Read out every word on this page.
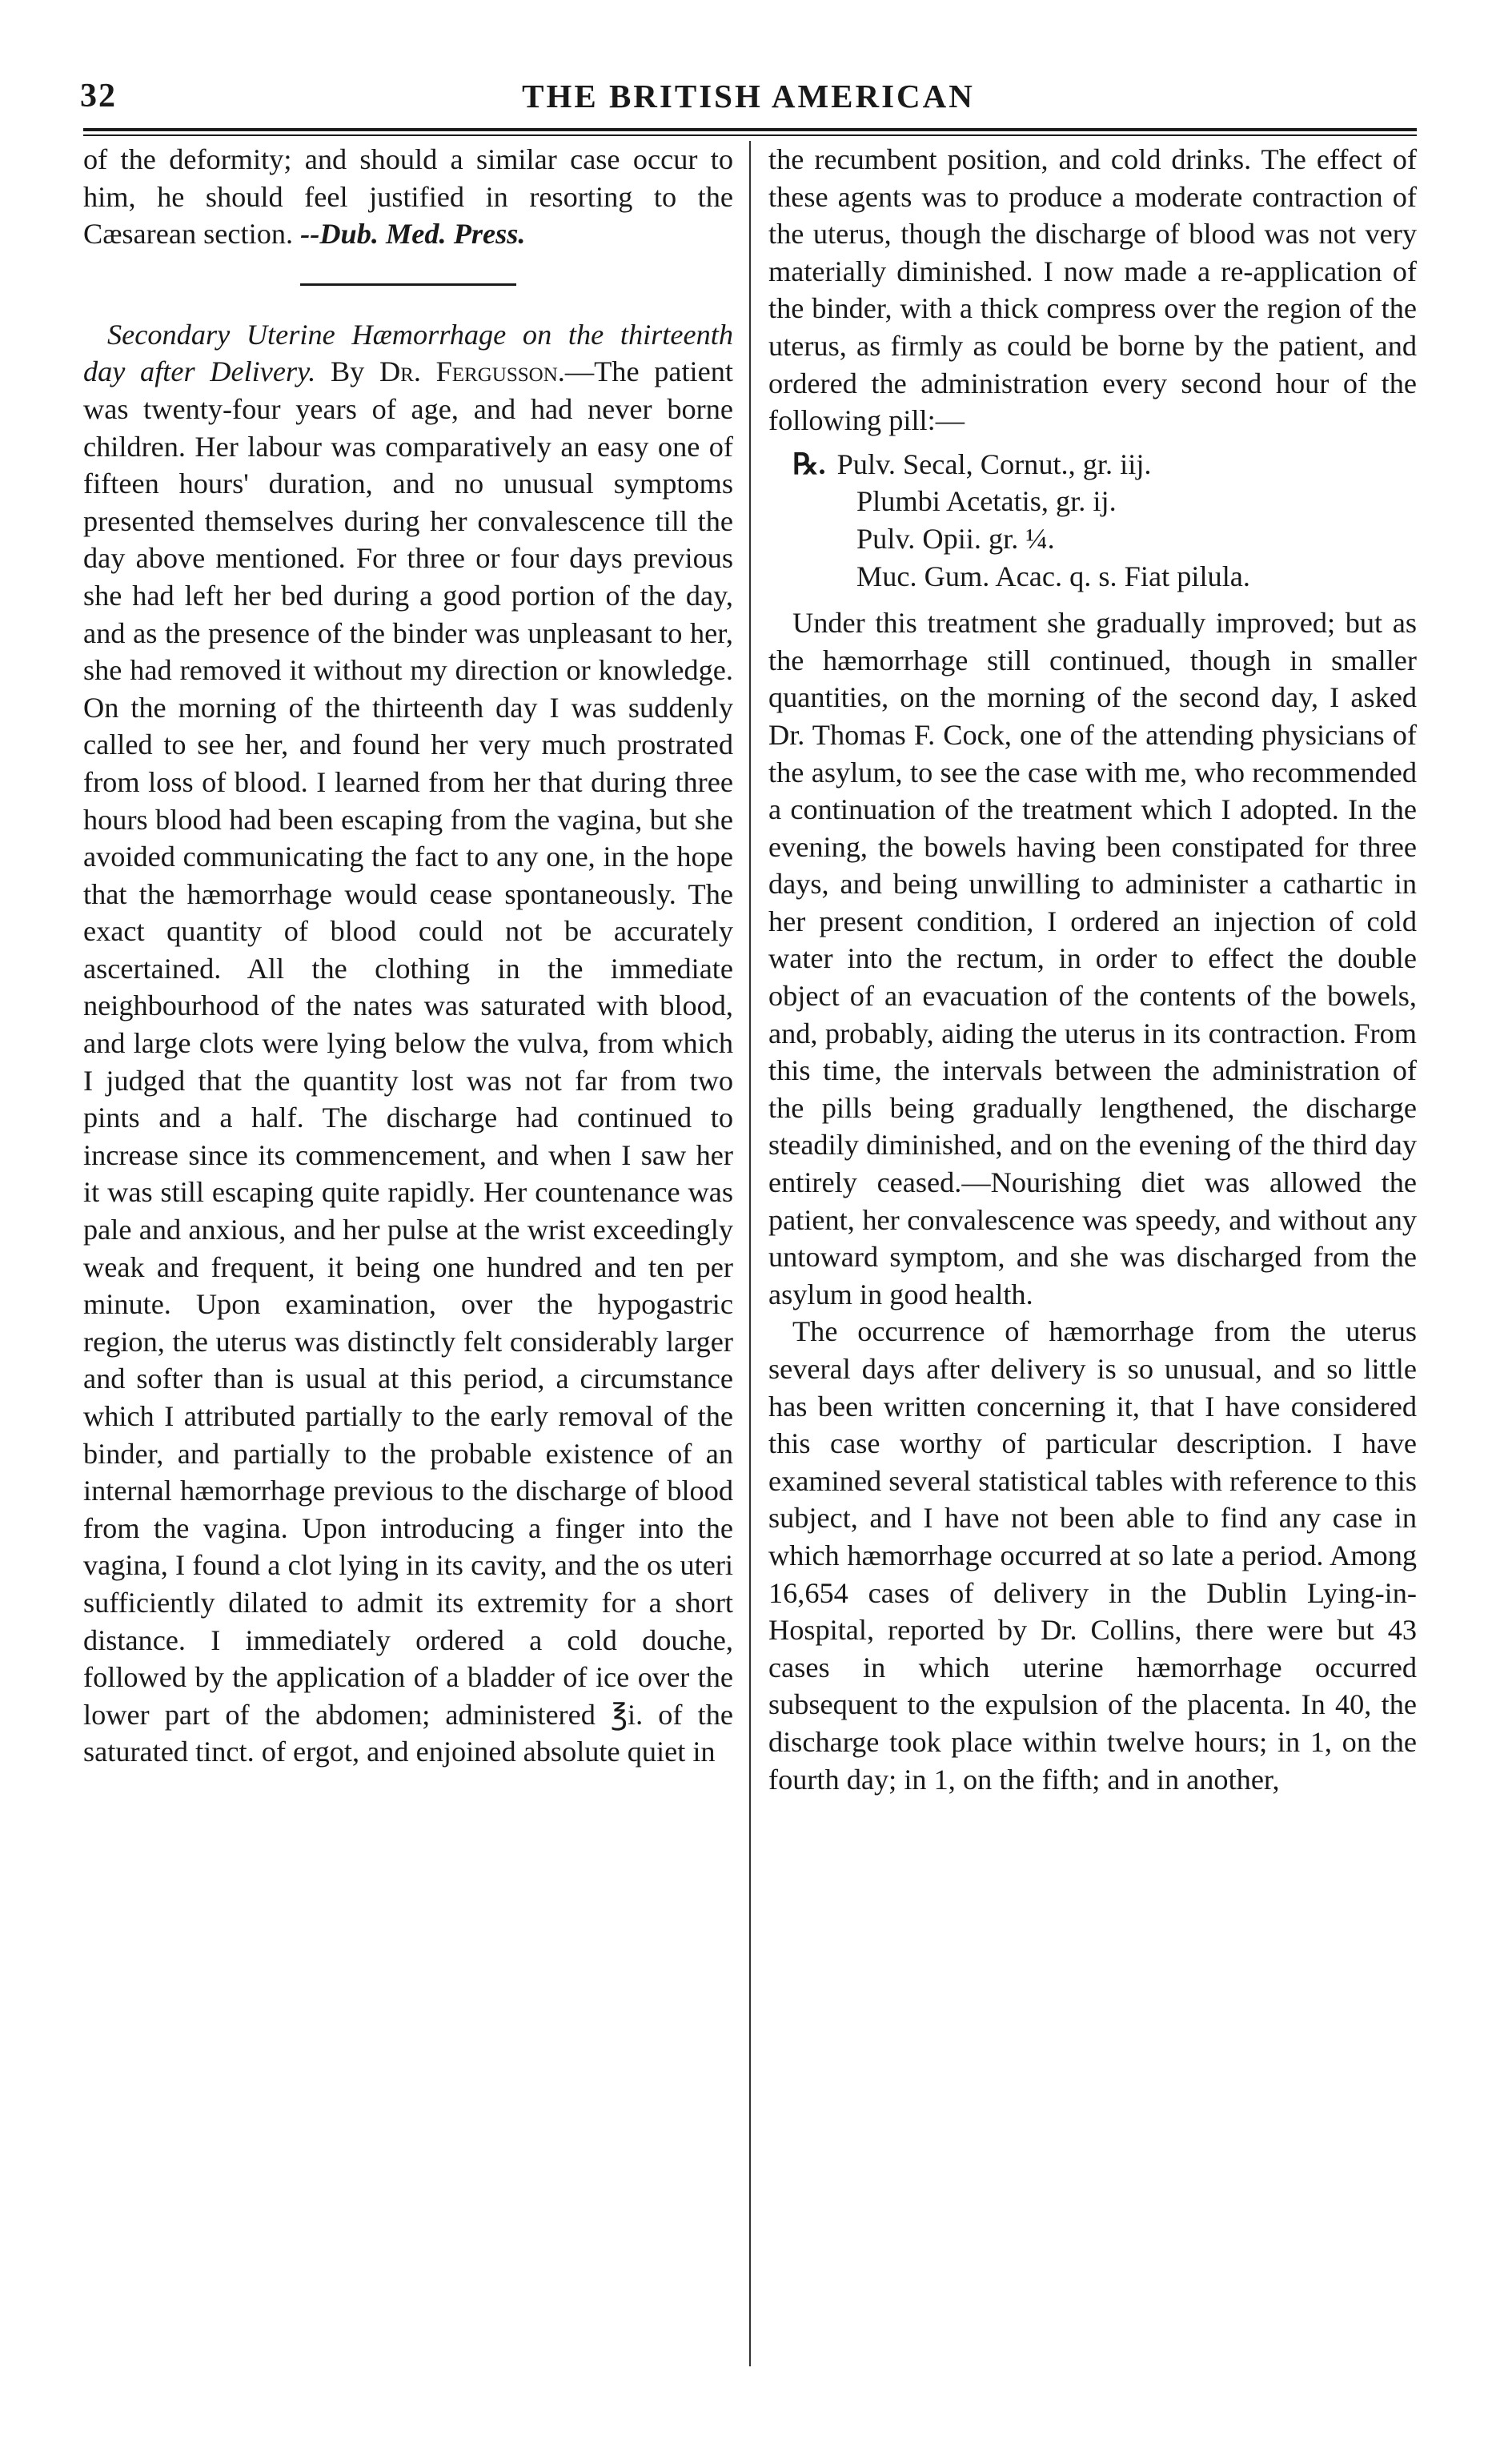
32	THE BRITISH AMERICAN

of the deformity; and should a similar case occur to him, he should feel justified in resorting to the Cæsarean section. --Dub. Med. Press.

Secondary Uterine Hæmorrhage on the thirteenth day after Delivery. By Dr. Fergusson.—The patient was twenty-four years of age, and had never borne children. Her labour was comparatively an easy one of fifteen hours' duration, and no unusual symptoms presented themselves during her convalescence till the day above mentioned. For three or four days previous she had left her bed during a good portion of the day, and as the presence of the binder was unpleasant to her, she had removed it without my direction or knowledge. On the morning of the thirteenth day I was suddenly called to see her, and found her very much prostrated from loss of blood. I learned from her that during three hours blood had been escaping from the vagina, but she avoided communicating the fact to any one, in the hope that the hæmorrhage would cease spontaneously. The exact quantity of blood could not be accurately ascertained. All the clothing in the immediate neighbourhood of the nates was saturated with blood, and large clots were lying below the vulva, from which I judged that the quantity lost was not far from two pints and a half. The discharge had continued to increase since its commencement, and when I saw her it was still escaping quite rapidly. Her countenance was pale and anxious, and her pulse at the wrist exceedingly weak and frequent, it being one hundred and ten per minute. Upon examination, over the hypogastric region, the uterus was distinctly felt considerably larger and softer than is usual at this period, a circumstance which I attributed partially to the early removal of the binder, and partially to the probable existence of an internal hæmorrhage previous to the discharge of blood from the vagina. Upon introducing a finger into the vagina, I found a clot lying in its cavity, and the os uteri sufficiently dilated to admit its extremity for a short distance. I immediately ordered a cold douche, followed by the application of a bladder of ice over the lower part of the abdomen; administered ℥i. of the saturated tinct. of ergot, and enjoined absolute quiet in

the recumbent position, and cold drinks. The effect of these agents was to produce a moderate contraction of the uterus, though the discharge of blood was not very materially diminished. I now made a re-application of the binder, with a thick compress over the region of the uterus, as firmly as could be borne by the patient, and ordered the administration every second hour of the following pill:—

℞. Pulv. Secal, Cornut., gr. iij.
Plumbi Acetatis, gr. ij.
Pulv. Opii. gr. ¼.
Muc. Gum. Acac. q. s. Fiat pilula.

Under this treatment she gradually improved; but as the hæmorrhage still continued, though in smaller quantities, on the morning of the second day, I asked Dr. Thomas F. Cock, one of the attending physicians of the asylum, to see the case with me, who recommended a continuation of the treatment which I adopted. In the evening, the bowels having been constipated for three days, and being unwilling to administer a cathartic in her present condition, I ordered an injection of cold water into the rectum, in order to effect the double object of an evacuation of the contents of the bowels, and, probably, aiding the uterus in its contraction. From this time, the intervals between the administration of the pills being gradually lengthened, the discharge steadily diminished, and on the evening of the third day entirely ceased.—Nourishing diet was allowed the patient, her convalescence was speedy, and without any untoward symptom, and she was discharged from the asylum in good health.

The occurrence of hæmorrhage from the uterus several days after delivery is so unusual, and so little has been written concerning it, that I have considered this case worthy of particular description. I have examined several statistical tables with reference to this subject, and I have not been able to find any case in which hæmorrhage occurred at so late a period. Among 16,654 cases of delivery in the Dublin Lying-in-Hospital, reported by Dr. Collins, there were but 43 cases in which uterine hæmorrhage occurred subsequent to the expulsion of the placenta. In 40, the discharge took place within twelve hours; in 1, on the fourth day; in 1, on the fifth; and in another,
